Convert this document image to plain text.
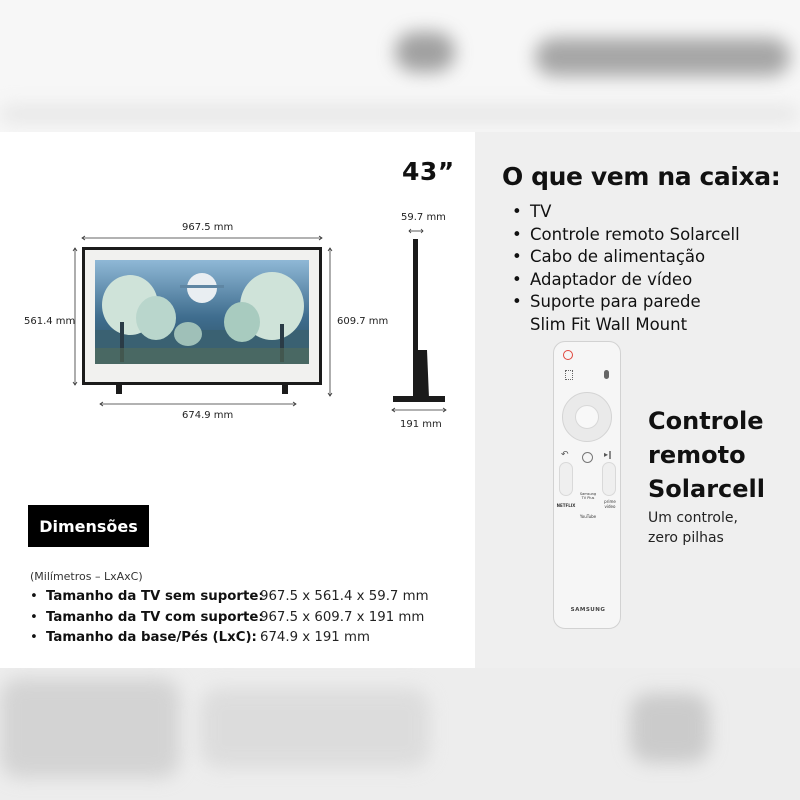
43”
967.5 mm
561.4 mm	609.7 mm
674.9 mm
59.7 mm
191 mm
O que vem na caixa:
• TV
• Controle remoto Solarcell
• Cabo de alimentação
• Adaptador de vídeo
• Suporte para parede
Slim Fit Wall Mount
↶	▸‖
NETFLIX
Samsung TV Plus
prime video
YouTube
SAMSUNG
Controle
remoto
Solarcell
Um controle,
zero pilhas
Dimensões
(Milímetros – LxAxC)
• Tamanho da TV sem suporte:967.5 x 561.4 x 59.7 mm
• Tamanho da TV com suporte:967.5 x 609.7 x 191 mm
• Tamanho da base/Pés (LxC): 674.9 x 191 mm
